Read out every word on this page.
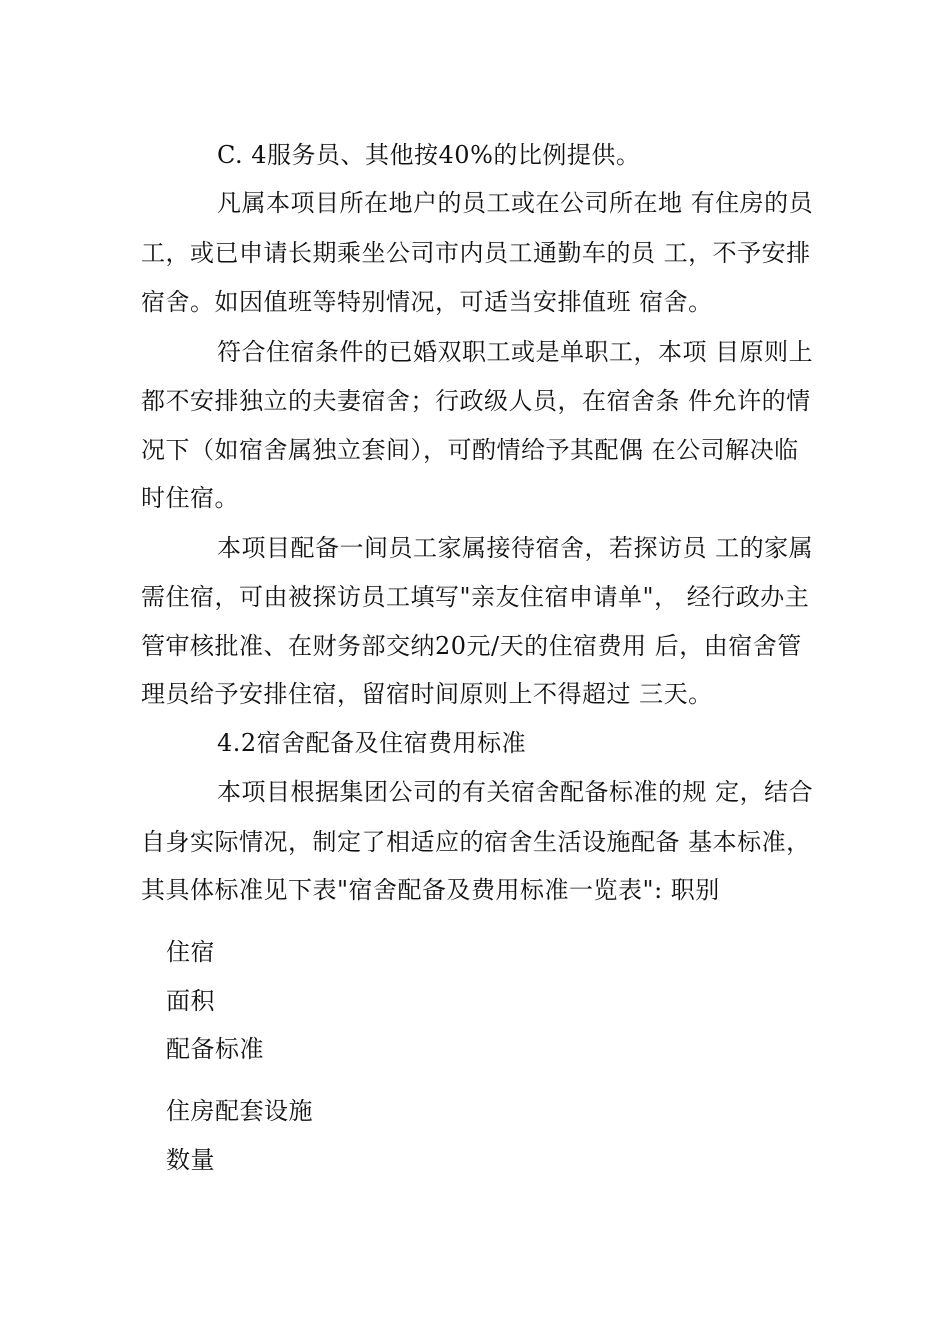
C. 4服务员、其他按40%的比例提供。
凡属本项目所在地户的员工或在公司所在地 有住房的员
工，或已申请长期乘坐公司市内员工通勤车的员 工，不予安排
宿舍。如因值班等特别情况，可适当安排值班 宿舍。
符合住宿条件的已婚双职工或是单职工，本项 目原则上
都不安排独立的夫妻宿舍；行政级人员，在宿舍条 件允许的情
况下（如宿舍属独立套间），可酌情给予其配偶 在公司解决临
时住宿。
本项目配备一间员工家属接待宿舍，若探访员 工的家属
需住宿，可由被探访员工填写"亲友住宿申请单"， 经行政办主
管审核批准、在财务部交纳20元/天的住宿费用 后，由宿舍管
理员给予安排住宿，留宿时间原则上不得超过 三天。
4.2宿舍配备及住宿费用标准
本项目根据集团公司的有关宿舍配备标准的规 定，结合
自身实际情况，制定了相适应的宿舍生活设施配备 基本标准，
其具体标准见下表"宿舍配备及费用标准一览表": 职别
住宿
面积
配备标准
住房配套设施
数量
